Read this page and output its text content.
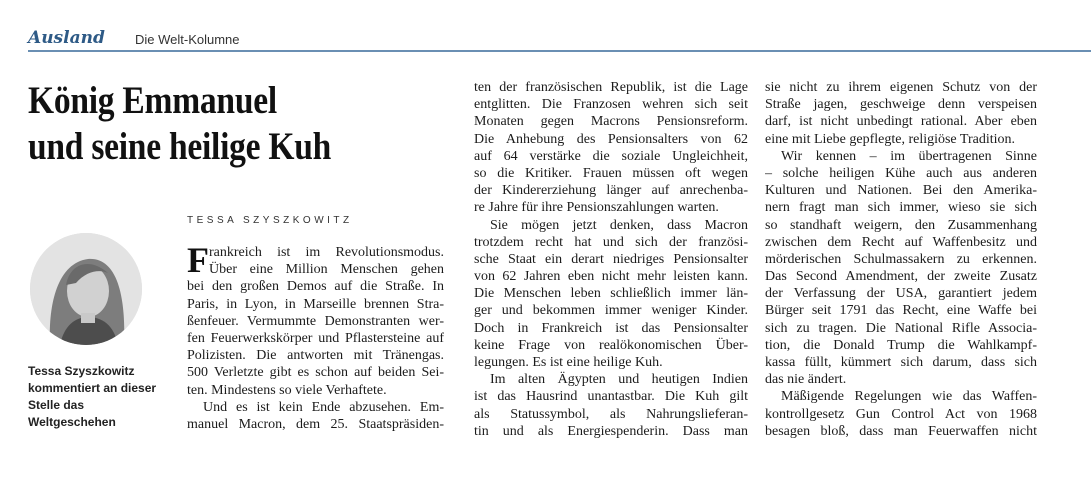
Ausland Die Welt-Kolumne
König Emmanuel
und seine heilige Kuh
TESSA SZYSZKOWITZ

Tessa Szyszkowitz kommentiert an dieser Stelle das Weltgeschehen

F rankreich ist im Revolutionsmodus.
Über eine Million Menschen gehen
bei den großen Demos auf die Straße. In
Paris, in Lyon, in Marseille brennen Stra-
ßenfeuer. Vermummte Demonstranten wer-
fen Feuerwerkskörper und Pflastersteine auf
Polizisten. Die antworten mit Tränengas.
500 Verletzte gibt es schon auf beiden Sei-
ten. Mindestens so viele Verhaftete.
Und es ist kein Ende abzusehen. Em-
manuel Macron, dem 25. Staatspräsiden-
ten der französischen Republik, ist die Lage
entglitten. Die Franzosen wehren sich seit
Monaten gegen Macrons Pensionsreform.
Die Anhebung des Pensionsalters von 62
auf 64 verstärke die soziale Ungleichheit,
so die Kritiker. Frauen müssen oft wegen
der Kindererziehung länger auf anrechenba-
re Jahre für ihre Pensionszahlungen warten.
Sie mögen jetzt denken, dass Macron
trotzdem recht hat und sich der französi-
sche Staat ein derart niedriges Pensionsalter
von 62 Jahren eben nicht mehr leisten kann.
Die Menschen leben schließlich immer län-
ger und bekommen immer weniger Kinder.
Doch in Frankreich ist das Pensionsalter
keine Frage von realökonomischen Über-
legungen. Es ist eine heilige Kuh.
Im alten Ägypten und heutigen Indien
ist das Hausrind unantastbar. Die Kuh gilt
als Statussymbol, als Nahrungslieferan-
tin und als Energiespenderin. Dass man
sie nicht zu ihrem eigenen Schutz von der
Straße jagen, geschweige denn verspeisen
darf, ist nicht unbedingt rational. Aber eben
eine mit Liebe gepflegte, religiöse Tradition.
Wir kennen – im übertragenen Sinne
– solche heiligen Kühe auch aus anderen
Kulturen und Nationen. Bei den Amerika-
nern fragt man sich immer, wieso sie sich
so standhaft weigern, den Zusammenhang
zwischen dem Recht auf Waffenbesitz und
mörderischen Schulmassakern zu erkennen.
Das Second Amendment, der zweite Zusatz
der Verfassung der USA, garantiert jedem
Bürger seit 1791 das Recht, eine Waffe bei
sich zu tragen. Die National Rifle Associa-
tion, die Donald Trump die Wahlkampf-
kassa füllt, kümmert sich darum, dass sich
das nie ändert.
Mäßigende Regelungen wie das Waffen-
kontrollgesetz Gun Control Act von 1968
besagen bloß, dass man Feuerwaffen nicht
